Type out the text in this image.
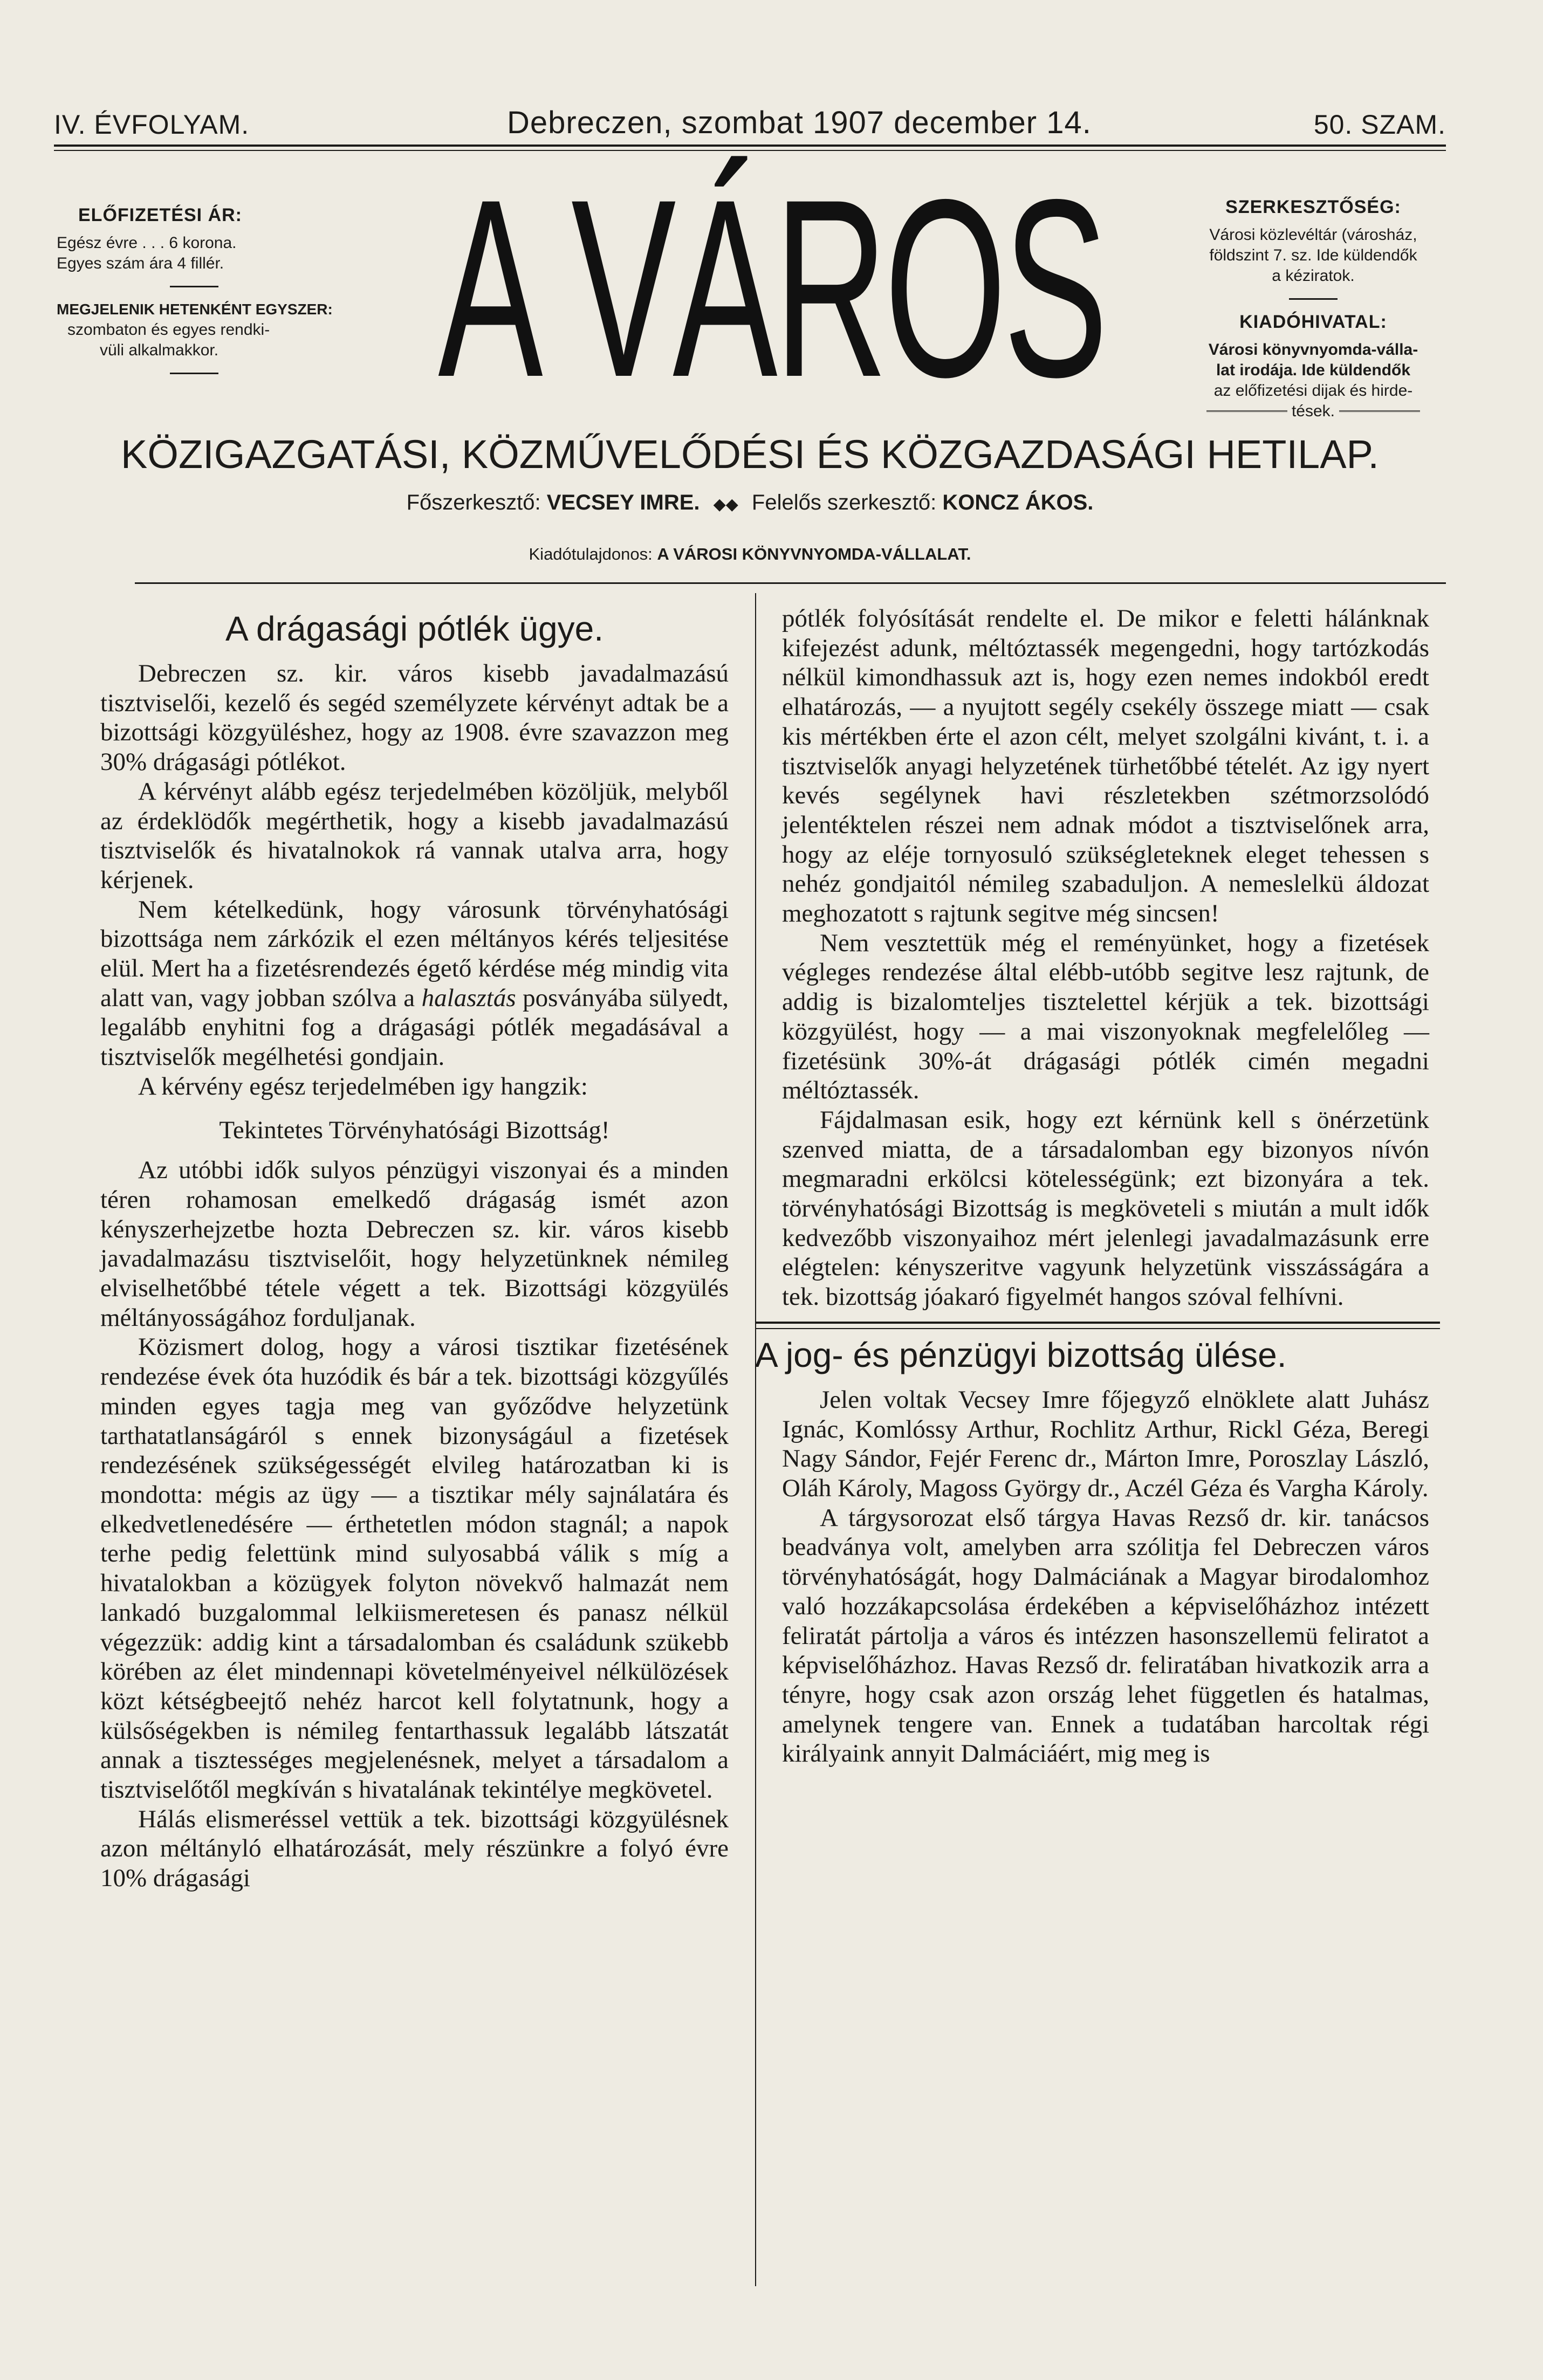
IV. ÉVFOLYAM.	Debreczen, szombat 1907 december 14.	50. SZAM.
ELŐFIZETÉSI ÁR:
Egész évre . . . 6 korona.
Egyes szám ára 4 fillér.
MEGJELENIK HETENKÉNT EGYSZER:
szombaton és egyes rendki-
vüli alkalmakkor. A VÁROS	SZERKESZTŐSÉG:
Városi közlevéltár (városház,
földszint 7. sz. Ide küldendők
a kéziratok.
KIADÓHIVATAL:
Városi könyvnyomda-válla-
lat irodája. Ide küldendők
az előfizetési dijak és hirde-
tések.
KÖZIGAZGATÁSI, KÖZMŰVELŐDÉSI ÉS KÖZGAZDASÁGI HETILAP.
Főszerkesztő: VECSEY IMRE. ◆◆ Felelős szerkesztő: KONCZ ÁKOS.
Kiadótulajdonos: A VÁROSI KÖNYVNYOMDA-VÁLLALAT.
A drágasági pótlék ügye.

Debreczen sz. kir. város kisebb javadalmazású tisztviselői, kezelő és segéd személyzete kérvényt adtak be a bizottsági közgyüléshez, hogy az 1908. évre szavazzon meg 30% drágasági pótlékot.

A kérvényt alább egész terjedelmében közöljük, melyből az érdeklödők megérthetik, hogy a kisebb javadalmazású tisztviselők és hivatalnokok rá vannak utalva arra, hogy kérjenek.

Nem kételkedünk, hogy városunk törvényhatósági bizottsága nem zárkózik el ezen méltányos kérés teljesitése elül. Mert ha a fizetésrendezés égető kérdése még mindig vita alatt van, vagy jobban szólva a halasztás posványába sülyedt, legalább enyhitni fog a drágasági pótlék megadásával a tisztviselők megélhetési gondjain.

A kérvény egész terjedelmében igy hangzik:

Tekintetes Törvényhatósági Bizottság!

Az utóbbi idők sulyos pénzügyi viszonyai és a minden téren rohamosan emelkedő drágaság ismét azon kényszerhejzetbe hozta Debreczen sz. kir. város kisebb javadalmazásu tisztviselőit, hogy helyzetünknek némileg elviselhetőbbé tétele végett a tek. Bizottsági közgyülés méltányosságához forduljanak.

Közismert dolog, hogy a városi tisztikar fizetésének rendezése évek óta huzódik és bár a tek. bizottsági közgyűlés minden egyes tagja meg van győződve helyzetünk tarthatatlanságáról s ennek bizonyságául a fizetések rendezésének szükségességét elvileg határozatban ki is mondotta: mégis az ügy — a tisztikar mély sajnálatára és elkedvetlenedésére — érthetetlen módon stagnál; a napok terhe pedig felettünk mind sulyosabbá válik s míg a hivatalokban a közügyek folyton növekvő halmazát nem lankadó buzgalommal lelkiismeretesen és panasz nélkül végezzük: addig kint a társadalomban és családunk szükebb körében az élet mindennapi követelményeivel nélkülözések közt kétségbeejtő nehéz harcot kell folytatnunk, hogy a külsőségekben is némileg fentarthassuk legalább látszatát annak a tisztességes megjelenésnek, melyet a társadalom a tisztviselőtől megkíván s hivatalának tekintélye megkövetel.

Hálás elismeréssel vettük a tek. bizottsági közgyülésnek azon méltányló elhatározását, mely részünkre a folyó évre 10% drágasági

pótlék folyósítását rendelte el. De mikor e feletti hálánknak kifejezést adunk, méltóztassék megengedni, hogy tartózkodás nélkül kimondhassuk azt is, hogy ezen nemes indokból eredt elhatározás, — a nyujtott segély csekély összege miatt — csak kis mértékben érte el azon célt, melyet szolgálni kivánt, t. i. a tisztviselők anyagi helyzetének türhetőbbé tételét. Az igy nyert kevés segélynek havi részletekben szétmorzsolódó jelentéktelen részei nem adnak módot a tisztviselőnek arra, hogy az eléje tornyosuló szükségleteknek eleget tehessen s nehéz gondjaitól némileg szabaduljon. A nemeslelkü áldozat meghozatott s rajtunk segitve még sincsen!

Nem vesztettük még el reményünket, hogy a fizetések végleges rendezése által elébb-utóbb segitve lesz rajtunk, de addig is bizalomteljes tisztelettel kérjük a tek. bizottsági közgyülést, hogy — a mai viszonyoknak megfelelőleg — fizetésünk 30%-át drágasági pótlék cimén megadni méltóztassék.

Fájdalmasan esik, hogy ezt kérnünk kell s önérzetünk szenved miatta, de a társadalomban egy bizonyos nívón megmaradni erkölcsi kötelességünk; ezt bizonyára a tek. törvényhatósági Bizottság is megköveteli s miután a mult idők kedvezőbb viszonyaihoz mért jelenlegi javadalmazásunk erre elégtelen: kényszeritve vagyunk helyzetünk visszásságára a tek. bizottság jóakaró figyelmét hangos szóval felhívni.

A jog- és pénzügyi bizottság ülése.

Jelen voltak Vecsey Imre főjegyző elnöklete alatt Juhász Ignác, Komlóssy Arthur, Rochlitz Arthur, Rickl Géza, Beregi Nagy Sándor, Fejér Ferenc dr., Márton Imre, Poroszlay László, Oláh Károly, Magoss György dr., Aczél Géza és Vargha Károly.

A tárgysorozat első tárgya Havas Rezső dr. kir. tanácsos beadványa volt, amelyben arra szólitja fel Debreczen város törvényhatóságát, hogy Dalmáciának a Magyar birodalomhoz való hozzákapcsolása érdekében a képviselőházhoz intézett feliratát pártolja a város és intézzen hasonszellemü feliratot a képviselőházhoz. Havas Rezső dr. feliratában hivatkozik arra a tényre, hogy csak azon ország lehet független és hatalmas, amelynek tengere van. Ennek a tudatában harcoltak régi királyaink annyit Dalmáciáért, mig meg is
